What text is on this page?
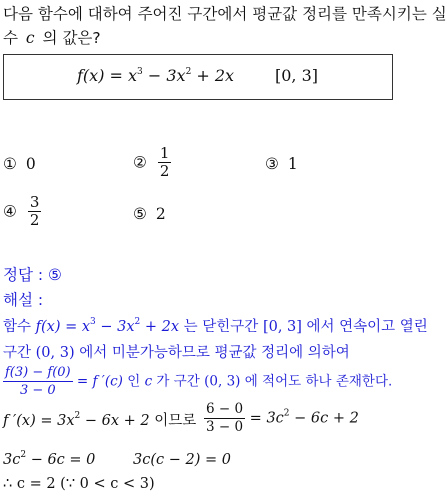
다음 함수에 대하여 주어진 구간에서 평균값 정리를 만족시키는 실
수 c 의 값은?
$f(x) = x^3 - 3x^2 + 2x$	[0, 3]
① 0	② $\frac{1}{2}$	③ 1
④ $\frac{3}{2}$	⑤ 2
정답 : ⑤
해설 :
함수 $f(x) = x^3 - 3x^2 + 2x$ 는 닫힌구간 [0, 3] 에서 연속이고 열린
구간 (0, 3) 에서 미분가능하므로 평균값 정리에 의하여
$\frac{f(3) - f(0)}{3 - 0} = f$ ′(c) 인 c 가 구간 (0, 3) 에 적어도 하나 존재한다.
f $'(x) = 3x^2 - 6x + 2$ 이므로 $\frac{6 - 0}{3 - 0} = 3c^2 - 6c + 2$
$3c^2 - 6c = 0$	3c(c − 2) = 0
∴ c = 2 (∵ 0 < c < 3)
